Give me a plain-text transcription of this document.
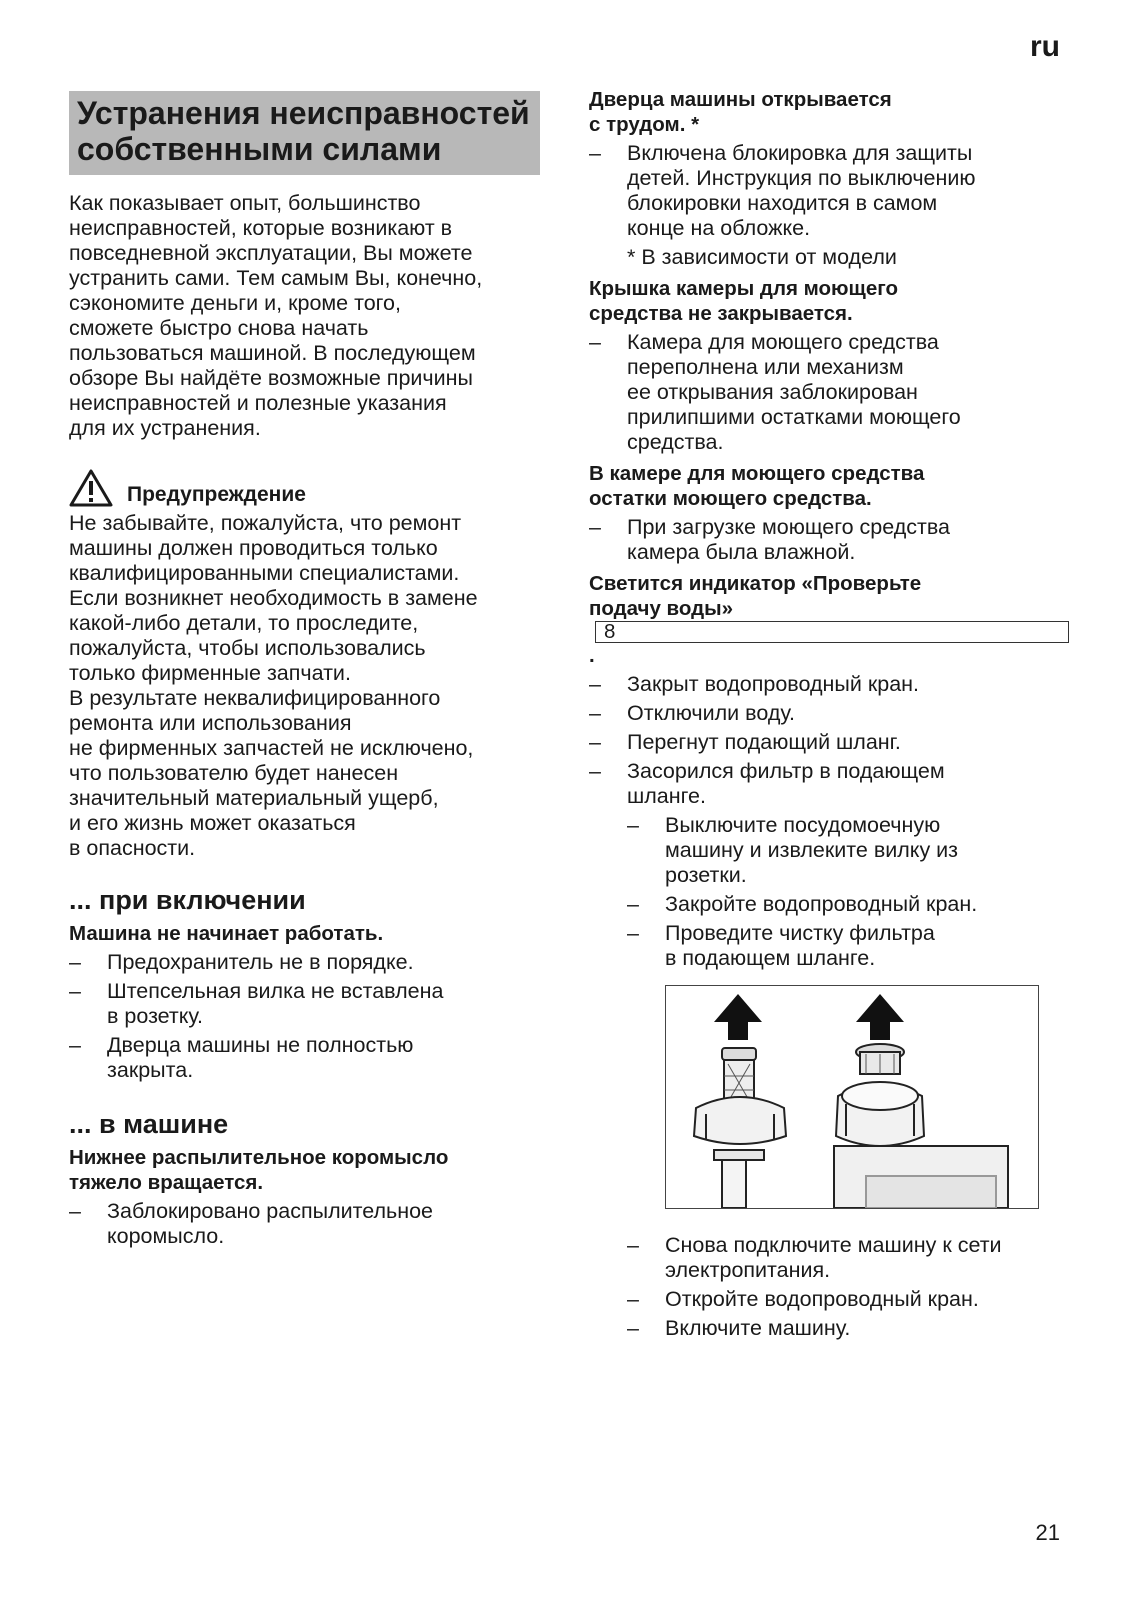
ru
Устранения неисправностей
собственными силами

Как показывает опыт, большинство
неисправностей, которые возникают в
повседневной эксплуатации, Вы можете
устранить сами. Тем самым Вы, конечно,
сэкономите деньги и, кроме того,
сможете быстро снова начать
пользоваться машиной. В последующем
обзоре Вы найдёте возможные причины
неисправностей и полезные указания
для их устранения.

Предупреждение

Не забывайте, пожалуйста, что ремонт
машины должен проводиться только
квалифицированными специалистами.
Если возникнет необходимость в замене
какой-либо детали, то проследите,
пожалуйста, чтобы использовались
только фирменные запчати.
В результате неквалифицированного
ремонта или использования
не фирменных запчастей не исключено,
что пользователю будет нанесен
значительный материальный ущерб,
и его жизнь может оказаться
в опасности.

... при включении
Машина не начинает работать.
–	Предохранитель не в порядке.
–	Штепсельная вилка не вставлена
в розетку.
–	Дверца машины не полностью
закрыта.
... в машине
Нижнее распылительное коромысло
тяжело вращается.
–	Заблокировано распылительное
коромысло.
Дверца машины открывается
с трудом. *
–	Включена блокировка для защиты
детей. Инструкция по выключению
блокировки находится в самом
конце на обложке.
* В зависимости от модели
Крышка камеры для моющего
средства не закрывается.
–	Камера для моющего средства
переполнена или механизм
ее открывания заблокирован
прилипшими остатками моющего
средства.
В камере для моющего средства
остатки моющего средства.
–	При загрузке моющего средства
камера была влажной.
Светится индикатор «Проверьте
подачу воды»
8
.
–	Закрыт водопроводный кран.
–	Отключили воду.
–	Перегнут подающий шланг.
–	Засорился фильтр в подающем
шланге.
–	Выключите посудомоечную
машину и извлеките вилку из
розетки.
–	Закройте водопроводный кран.
–	Проведите чистку фильтра
в подающем шланге.
–	Снова подключите машину к сети
электропитания.
–	Откройте водопроводный кран.
–	Включите машину.
21
